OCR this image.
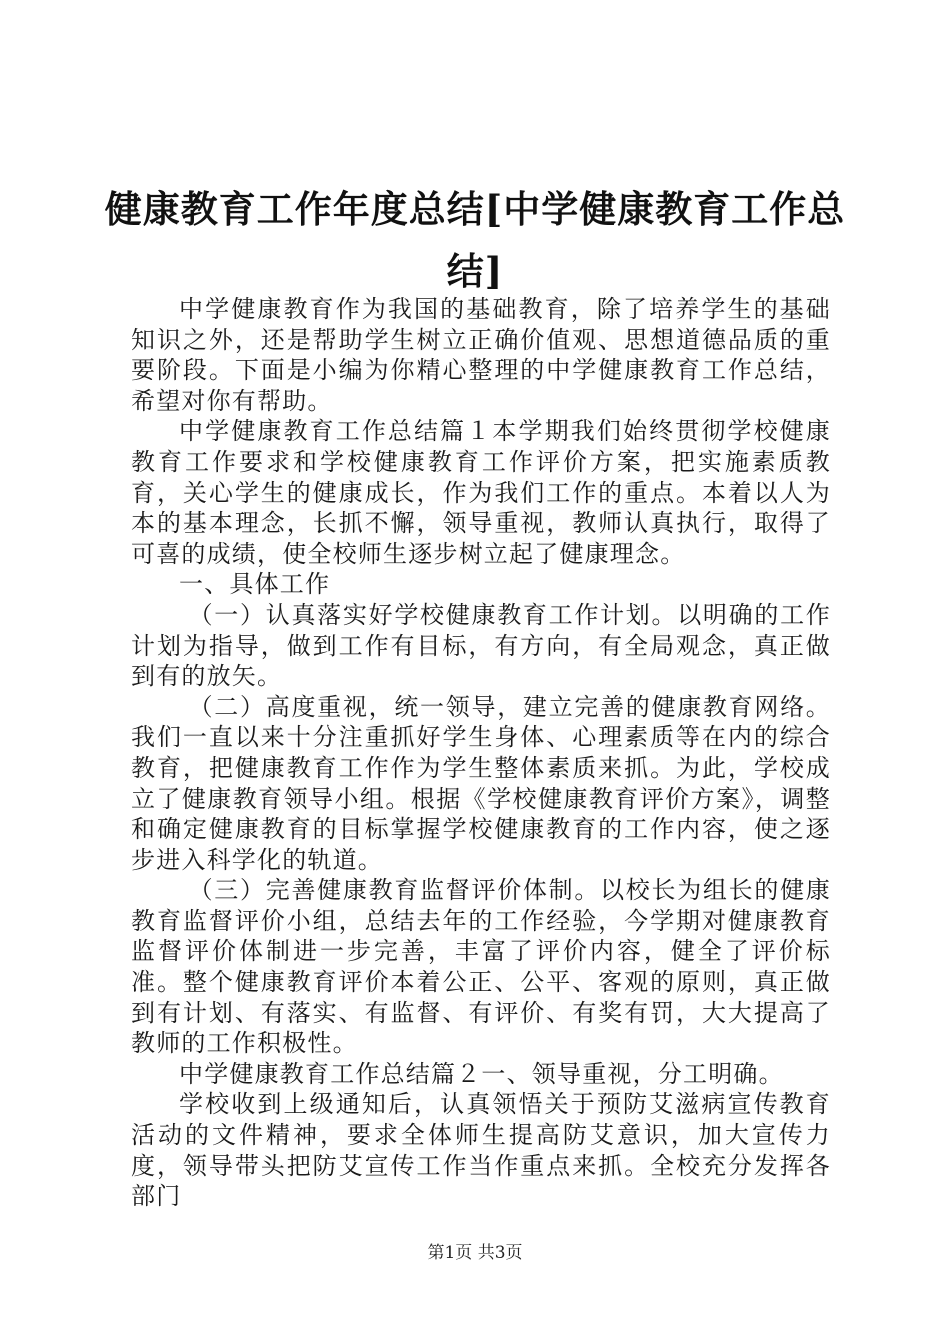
健康教育工作年度总结[中学健康教育工作总结]

中学健康教育作为我国的基础教育，除了培养学生的基础知识之外，还是帮助学生树立正确价值观、思想道德品质的重要阶段。下面是小编为你精心整理的中学健康教育工作总结，希望对你有帮助。

中学健康教育工作总结篇１本学期我们始终贯彻学校健康教育工作要求和学校健康教育工作评价方案，把实施素质教育，关心学生的健康成长，作为我们工作的重点。本着以人为本的基本理念，长抓不懈，领导重视，教师认真执行，取得了可喜的成绩，使全校师生逐步树立起了健康理念。

一、具体工作

（一）认真落实好学校健康教育工作计划。以明确的工作计划为指导，做到工作有目标，有方向，有全局观念，真正做到有的放矢。

（二）高度重视，统一领导，建立完善的健康教育网络。我们一直以来十分注重抓好学生身体、心理素质等在内的综合教育，把健康教育工作作为学生整体素质来抓。为此，学校成立了健康教育领导小组。根据《学校健康教育评价方案》，调整和确定健康教育的目标掌握学校健康教育的工作内容，使之逐步进入科学化的轨道。

（三）完善健康教育监督评价体制。以校长为组长的健康教育监督评价小组，总结去年的工作经验，今学期对健康教育监督评价体制进一步完善，丰富了评价内容，健全了评价标准。整个健康教育评价本着公正、公平、客观的原则，真正做到有计划、有落实、有监督、有评价、有奖有罚，大大提高了教师的工作积极性。

中学健康教育工作总结篇２一、领导重视，分工明确。

学校收到上级通知后，认真领悟关于预防艾滋病宣传教育活动的文件精神，要求全体师生提高防艾意识，加大宣传力度，领导带头把防艾宣传工作当作重点来抓。全校充分发挥各部门

第1页 共3页
